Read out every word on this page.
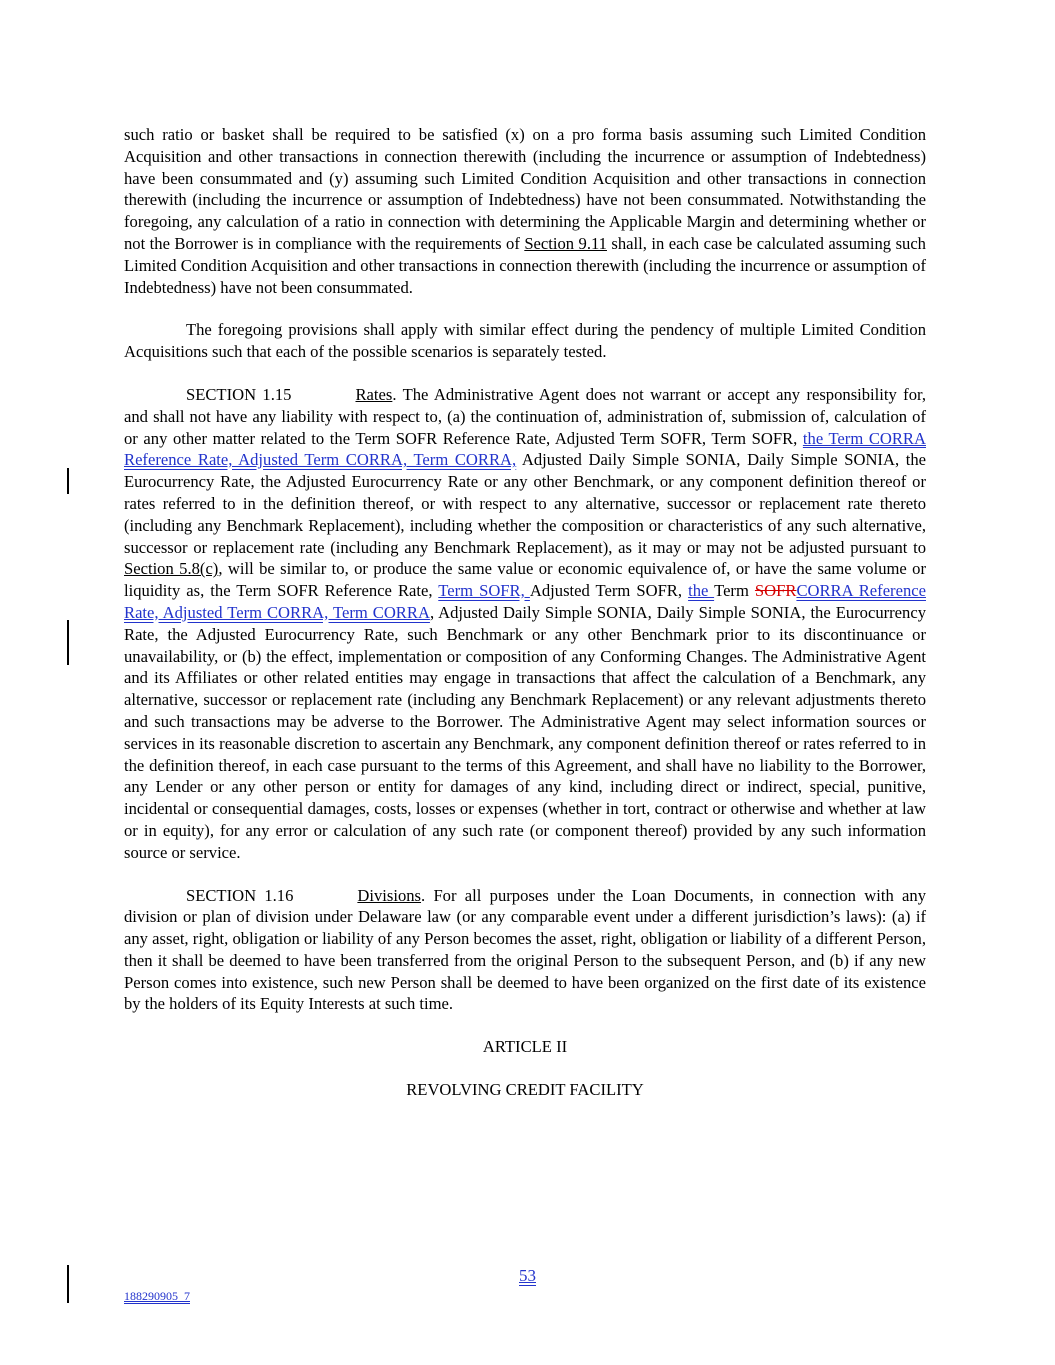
such ratio or basket shall be required to be satisfied (x) on a pro forma basis assuming such Limited Condition Acquisition and other transactions in connection therewith (including the incurrence or assumption of Indebtedness) have been consummated and (y) assuming such Limited Condition Acquisition and other transactions in connection therewith (including the incurrence or assumption of Indebtedness) have not been consummated. Notwithstanding the foregoing, any calculation of a ratio in connection with determining the Applicable Margin and determining whether or not the Borrower is in compliance with the requirements of Section 9.11 shall, in each case be calculated assuming such Limited Condition Acquisition and other transactions in connection therewith (including the incurrence or assumption of Indebtedness) have not been consummated.

The foregoing provisions shall apply with similar effect during the pendency of multiple Limited Condition Acquisitions such that each of the possible scenarios is separately tested.

SECTION 1.15	Rates. The Administrative Agent does not warrant or accept any responsibility for, and shall not have any liability with respect to, (a) the continuation of, administration of, submission of, calculation of or any other matter related to the Term SOFR Reference Rate, Adjusted Term SOFR, Term SOFR, the Term CORRA Reference Rate, Adjusted Term CORRA, Term CORRA, Adjusted Daily Simple SONIA, Daily Simple SONIA, the Eurocurrency Rate, the Adjusted Eurocurrency Rate or any other Benchmark, or any component definition thereof or rates referred to in the definition thereof, or with respect to any alternative, successor or replacement rate thereto (including any Benchmark Replacement), including whether the composition or characteristics of any such alternative, successor or replacement rate (including any Benchmark Replacement), as it may or may not be adjusted pursuant to Section 5.8(c), will be similar to, or produce the same value or economic equivalence of, or have the same volume or liquidity as, the Term SOFR Reference Rate, Term SOFR, Adjusted Term SOFR, the Term SOFRCORRA Reference Rate, Adjusted Term CORRA, Term CORRA, Adjusted Daily Simple SONIA, Daily Simple SONIA, the Eurocurrency Rate, the Adjusted Eurocurrency Rate, such Benchmark or any other Benchmark prior to its discontinuance or unavailability, or (b) the effect, implementation or composition of any Conforming Changes. The Administrative Agent and its Affiliates or other related entities may engage in transactions that affect the calculation of a Benchmark, any alternative, successor or replacement rate (including any Benchmark Replacement) or any relevant adjustments thereto and such transactions may be adverse to the Borrower. The Administrative Agent may select information sources or services in its reasonable discretion to ascertain any Benchmark, any component definition thereof or rates referred to in the definition thereof, in each case pursuant to the terms of this Agreement, and shall have no liability to the Borrower, any Lender or any other person or entity for damages of any kind, including direct or indirect, special, punitive, incidental or consequential damages, costs, losses or expenses (whether in tort, contract or otherwise and whether at law or in equity), for any error or calculation of any such rate (or component thereof) provided by any such information source or service.

SECTION 1.16	Divisions. For all purposes under the Loan Documents, in connection with any division or plan of division under Delaware law (or any comparable event under a different jurisdiction’s laws): (a) if any asset, right, obligation or liability of any Person becomes the asset, right, obligation or liability of a different Person, then it shall be deemed to have been transferred from the original Person to the subsequent Person, and (b) if any new Person comes into existence, such new Person shall be deemed to have been organized on the first date of its existence by the holders of its Equity Interests at such time.

ARTICLE II

REVOLVING CREDIT FACILITY

53
188290905_7
